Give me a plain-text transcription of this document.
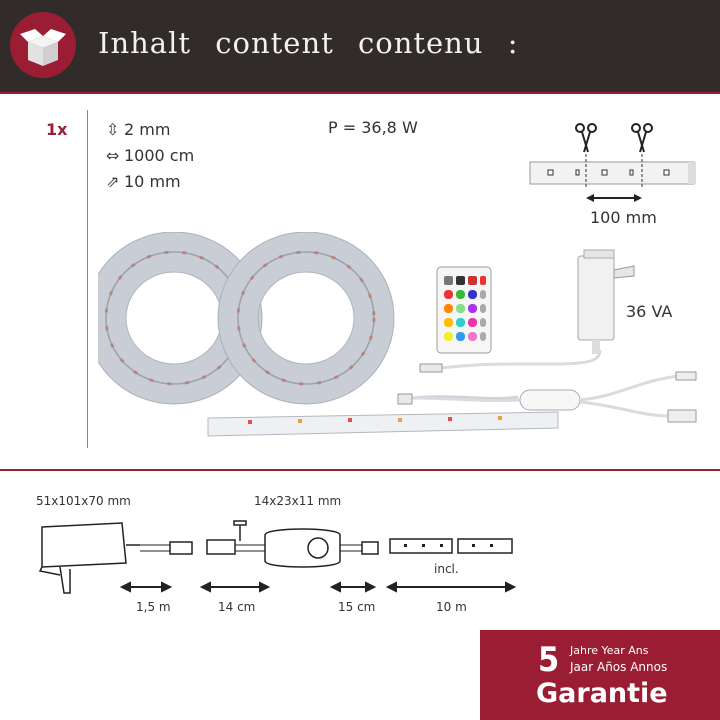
Inhalt content contenu :
1x ⇳ 2 mm
⇔ 1000 cm
⇗ 10 mm
P = 36,8 W
100 mm
36 VA
51x101x70 mm	14x23x11 mm
incl.
1,5 m	14 cm	15 cm	10 m
5 Jahre Year Ans
Jaar Años Annos
Garantie
